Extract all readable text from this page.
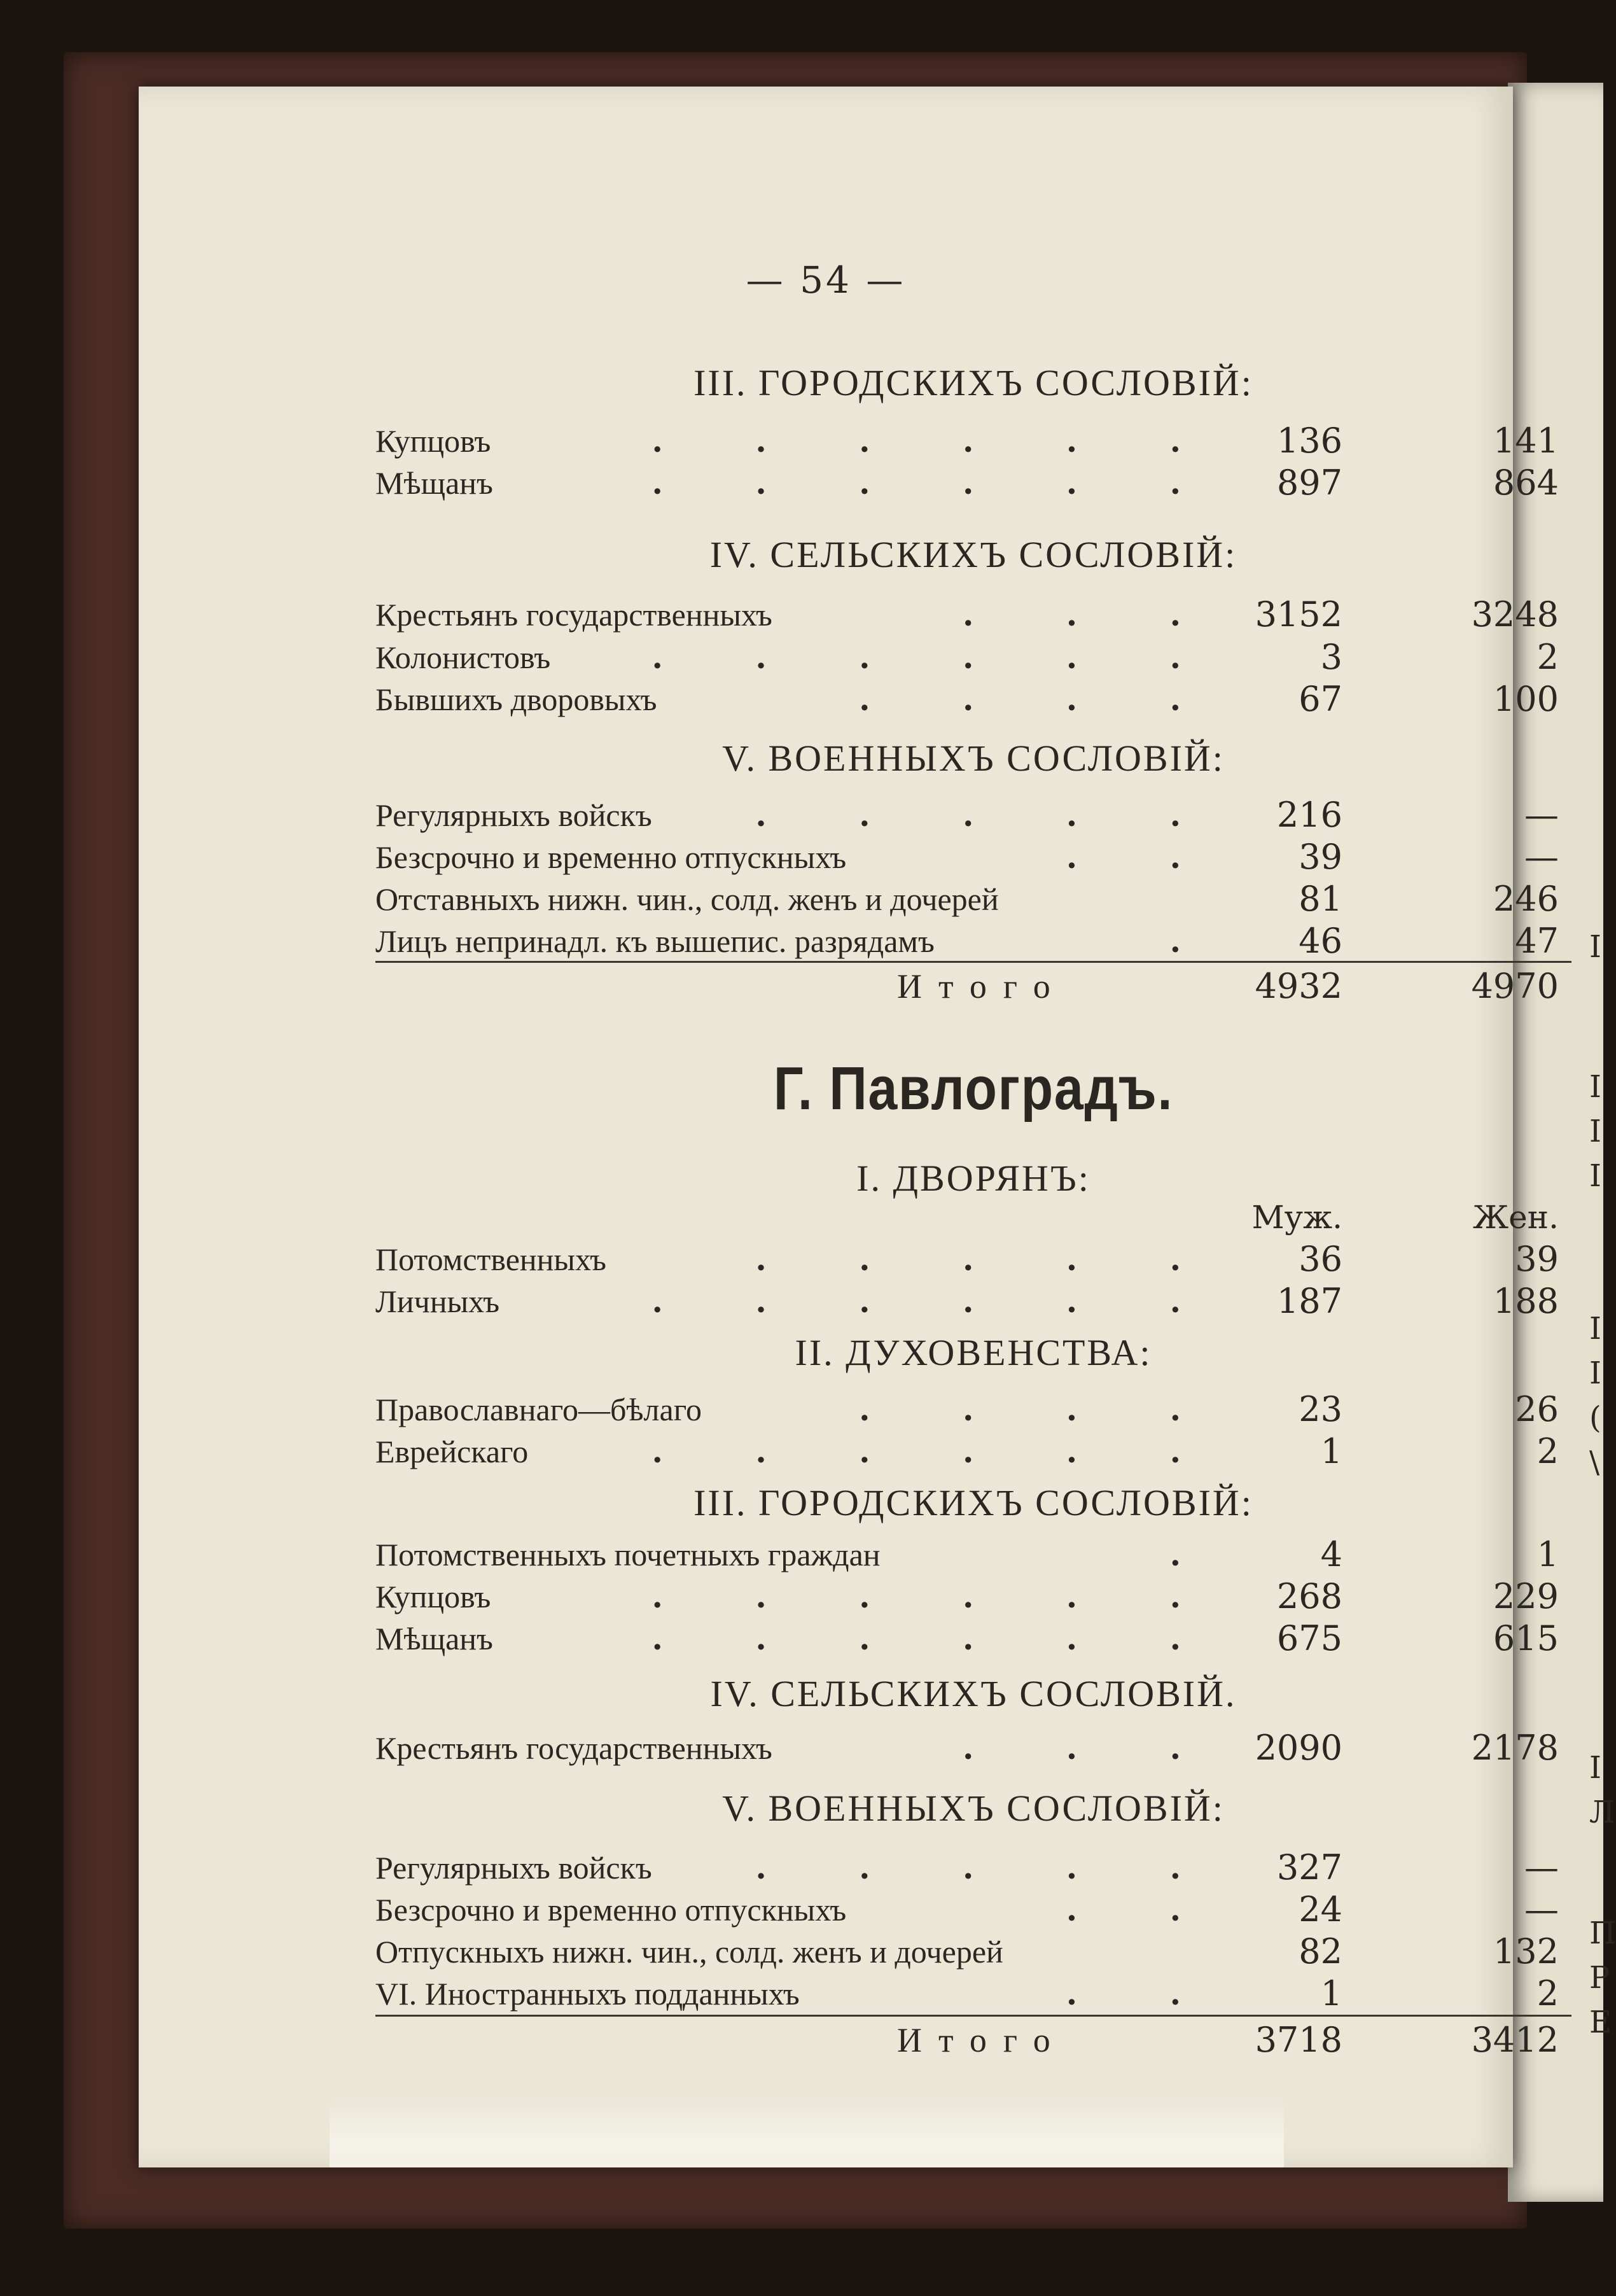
I
I
I
I
I
I
(
\
I
Л
П
Р
Е
— 54 —
III. ГОРОДСКИХЪ СОСЛОВІЙ:
. . . . . .
Купцовъ	136	141
. . . . . .
Мѣщанъ	897	864
IV. СЕЛЬСКИХЪ СОСЛОВІЙ:
. . .
Крестьянъ государственныхъ	3152	3248
. . . . . .
Колонистовъ	3	2
. . . .
Бывшихъ дворовыхъ	67	100
V. ВОЕННЫХЪ СОСЛОВІЙ:
. . . . .
Регулярныхъ войскъ	216	—
. .
Безсрочно и временно отпускныхъ	39	—
Отставныхъ нижн. чин., солд. женъ и дочерей	81	246
.
Лицъ непринадл. къ вышепис. разрядамъ	46	47
Итого	4932	4970
Г. Павлоградъ.
I. ДВОРЯНЪ:
Муж.	Жен.
. . . . .
Потомственныхъ	36	39
. . . . . .
Личныхъ	187	188
II. ДУХОВЕНСТВА:
. . . .
Православнаго—бѣлаго	23	26
. . . . . .
Еврейскаго	1	2
III. ГОРОДСКИХЪ СОСЛОВІЙ:
.
Потомственныхъ почетныхъ граждан	4	1
. . . . . .
Купцовъ	268	229
. . . . . .
Мѣщанъ	675	615
IV. СЕЛЬСКИХЪ СОСЛОВІЙ.
. . .
Крестьянъ государственныхъ	2090	2178
V. ВОЕННЫХЪ СОСЛОВІЙ:
. . . . .
Регулярныхъ войскъ	327	—
. .
Безсрочно и временно отпускныхъ	24	—
Отпускныхъ нижн. чин., солд. женъ и дочерей	82	132
. .
VI. Иностранныхъ подданныхъ	1	2
Итого	3718	3412
